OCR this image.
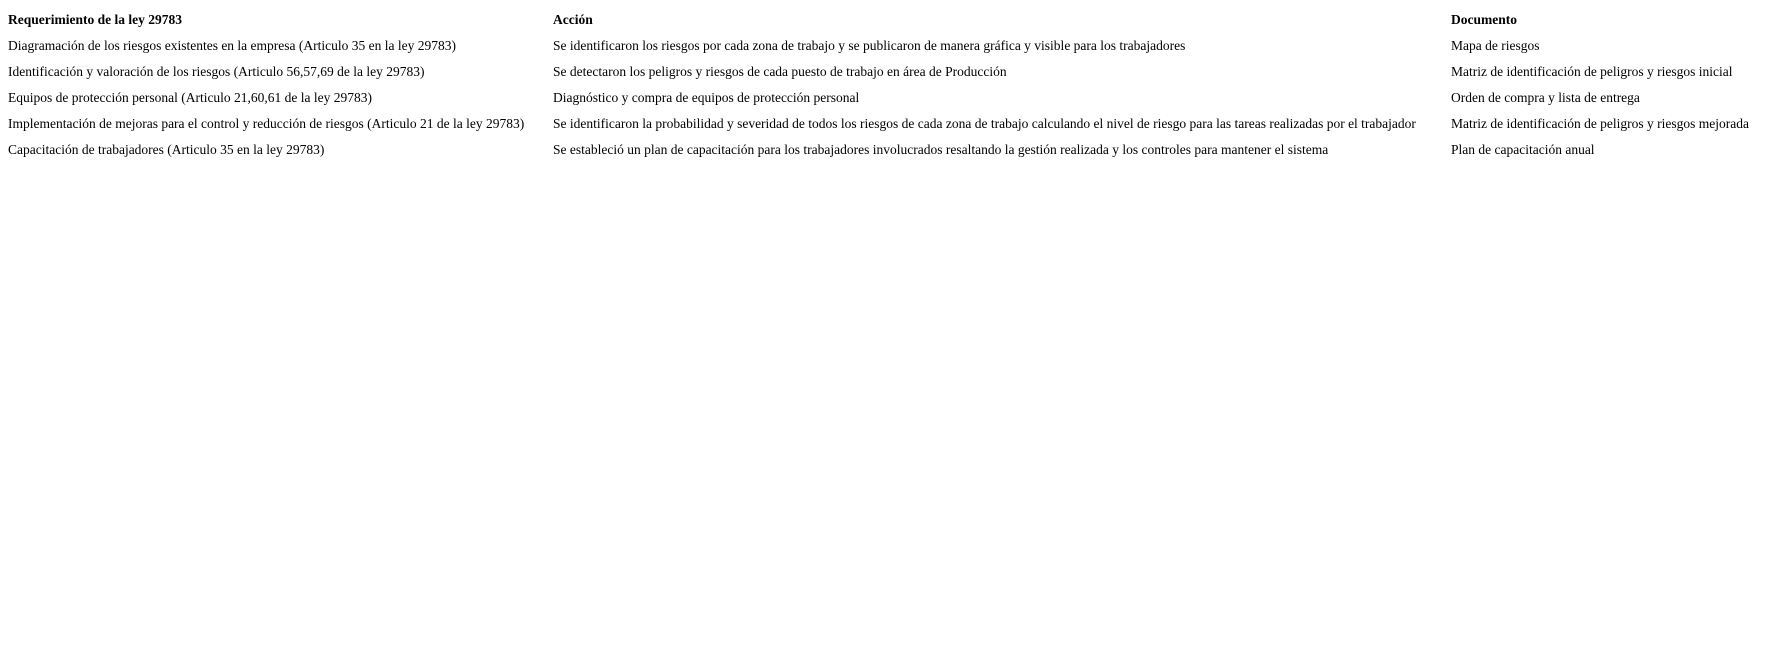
Requerimiento de la ley 29783	Acción	Documento
Diagramación de los riesgos existentes en la empresa (Articulo 35 en la ley 29783)	Se identificaron los riesgos por cada zona de trabajo y se publicaron de manera gráfica y visible para los trabajadores	Mapa de riesgos
Identificación y valoración de los riesgos (Articulo 56,57,69 de la ley 29783)	Se detectaron los peligros y riesgos de cada puesto de trabajo en área de Producción	Matriz de identificación de peligros y riesgos inicial
Equipos de protección personal (Articulo 21,60,61 de la ley 29783)	Diagnóstico y compra de equipos de protección personal	Orden de compra y lista de entrega
Implementación de mejoras para el control y reducción de riesgos (Articulo 21 de la ley 29783)	Se identificaron la probabilidad y severidad de todos los riesgos de cada zona de trabajo calculando el nivel de riesgo para las tareas realizadas por el trabajador	Matriz de identificación de peligros y riesgos mejorada
Capacitación de trabajadores (Articulo 35 en la ley 29783)	Se estableció un plan de capacitación para los trabajadores involucrados resaltando la gestión realizada y los controles para mantener el sistema	Plan de capacitación anual
